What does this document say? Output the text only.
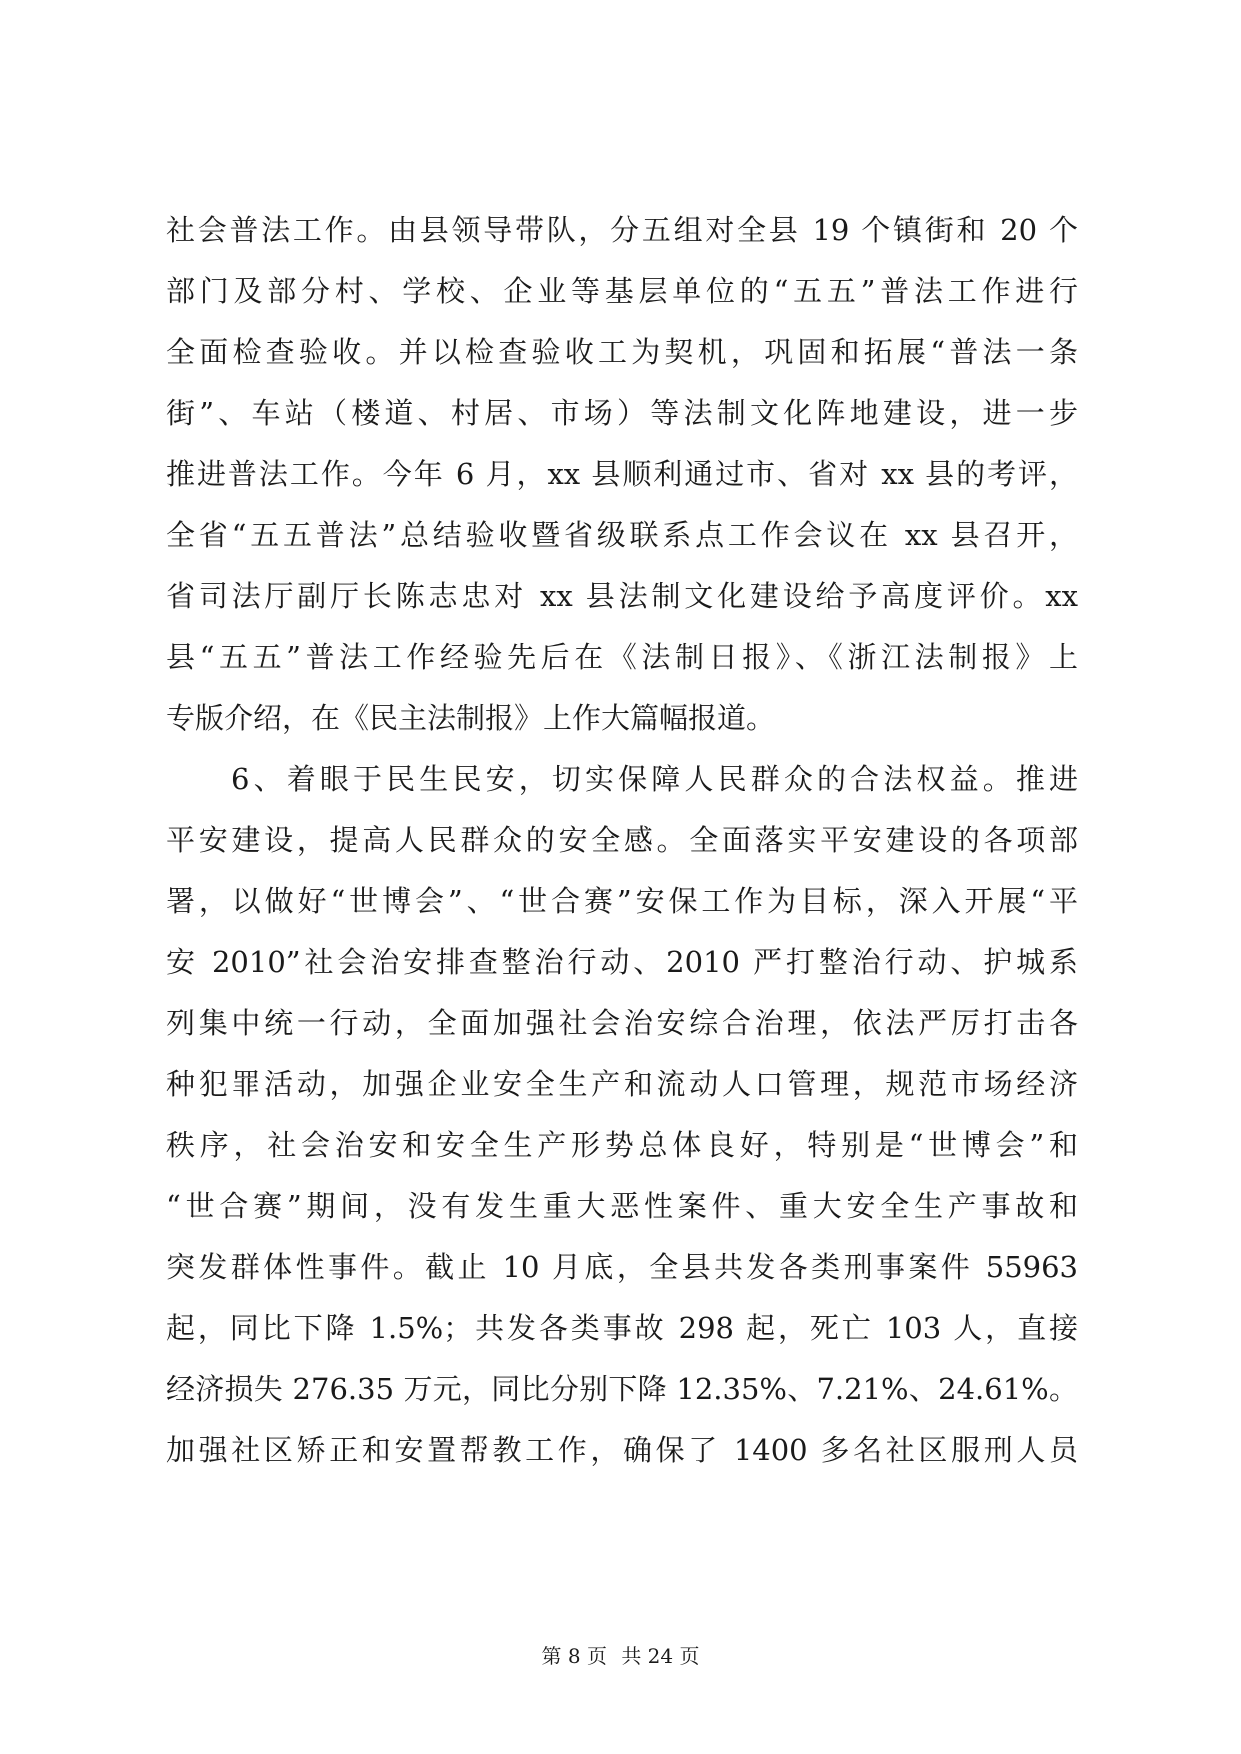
社会普法工作。由县领导带队，分五组对全县 19 个镇街和 20 个
部门及部分村、学校、企业等基层单位的“五五”普法工作进行
全面检查验收。并以检查验收工为契机，巩固和拓展“普法一条
街”、车站（楼道、村居、市场）等法制文化阵地建设，进一步
推进普法工作。今年 6 月，xx 县顺利通过市、省对 xx 县的考评，
全省“五五普法”总结验收暨省级联系点工作会议在 xx 县召开，
省司法厅副厅长陈志忠对 xx 县法制文化建设给予高度评价。xx
县“五五”普法工作经验先后在《法制日报》、《浙江法制报》上
专版介绍，在《民主法制报》上作大篇幅报道。
6、着眼于民生民安，切实保障人民群众的合法权益。推进
平安建设，提高人民群众的安全感。全面落实平安建设的各项部
署，以做好“世博会”、“世合赛”安保工作为目标，深入开展“平
安 2010”社会治安排查整治行动、2010 严打整治行动、护城系
列集中统一行动，全面加强社会治安综合治理，依法严厉打击各
种犯罪活动，加强企业安全生产和流动人口管理，规范市场经济
秩序，社会治安和安全生产形势总体良好，特别是“世博会”和
“世合赛”期间，没有发生重大恶性案件、重大安全生产事故和
突发群体性事件。截止 10 月底，全县共发各类刑事案件 55963
起，同比下降 1.5%；共发各类事故 298 起，死亡 103 人，直接
经济损失 276.35 万元，同比分别下降 12.35%、7.21%、24.61%。
加强社区矫正和安置帮教工作，确保了 1400 多名社区服刑人员
第 8 页 共 24 页
